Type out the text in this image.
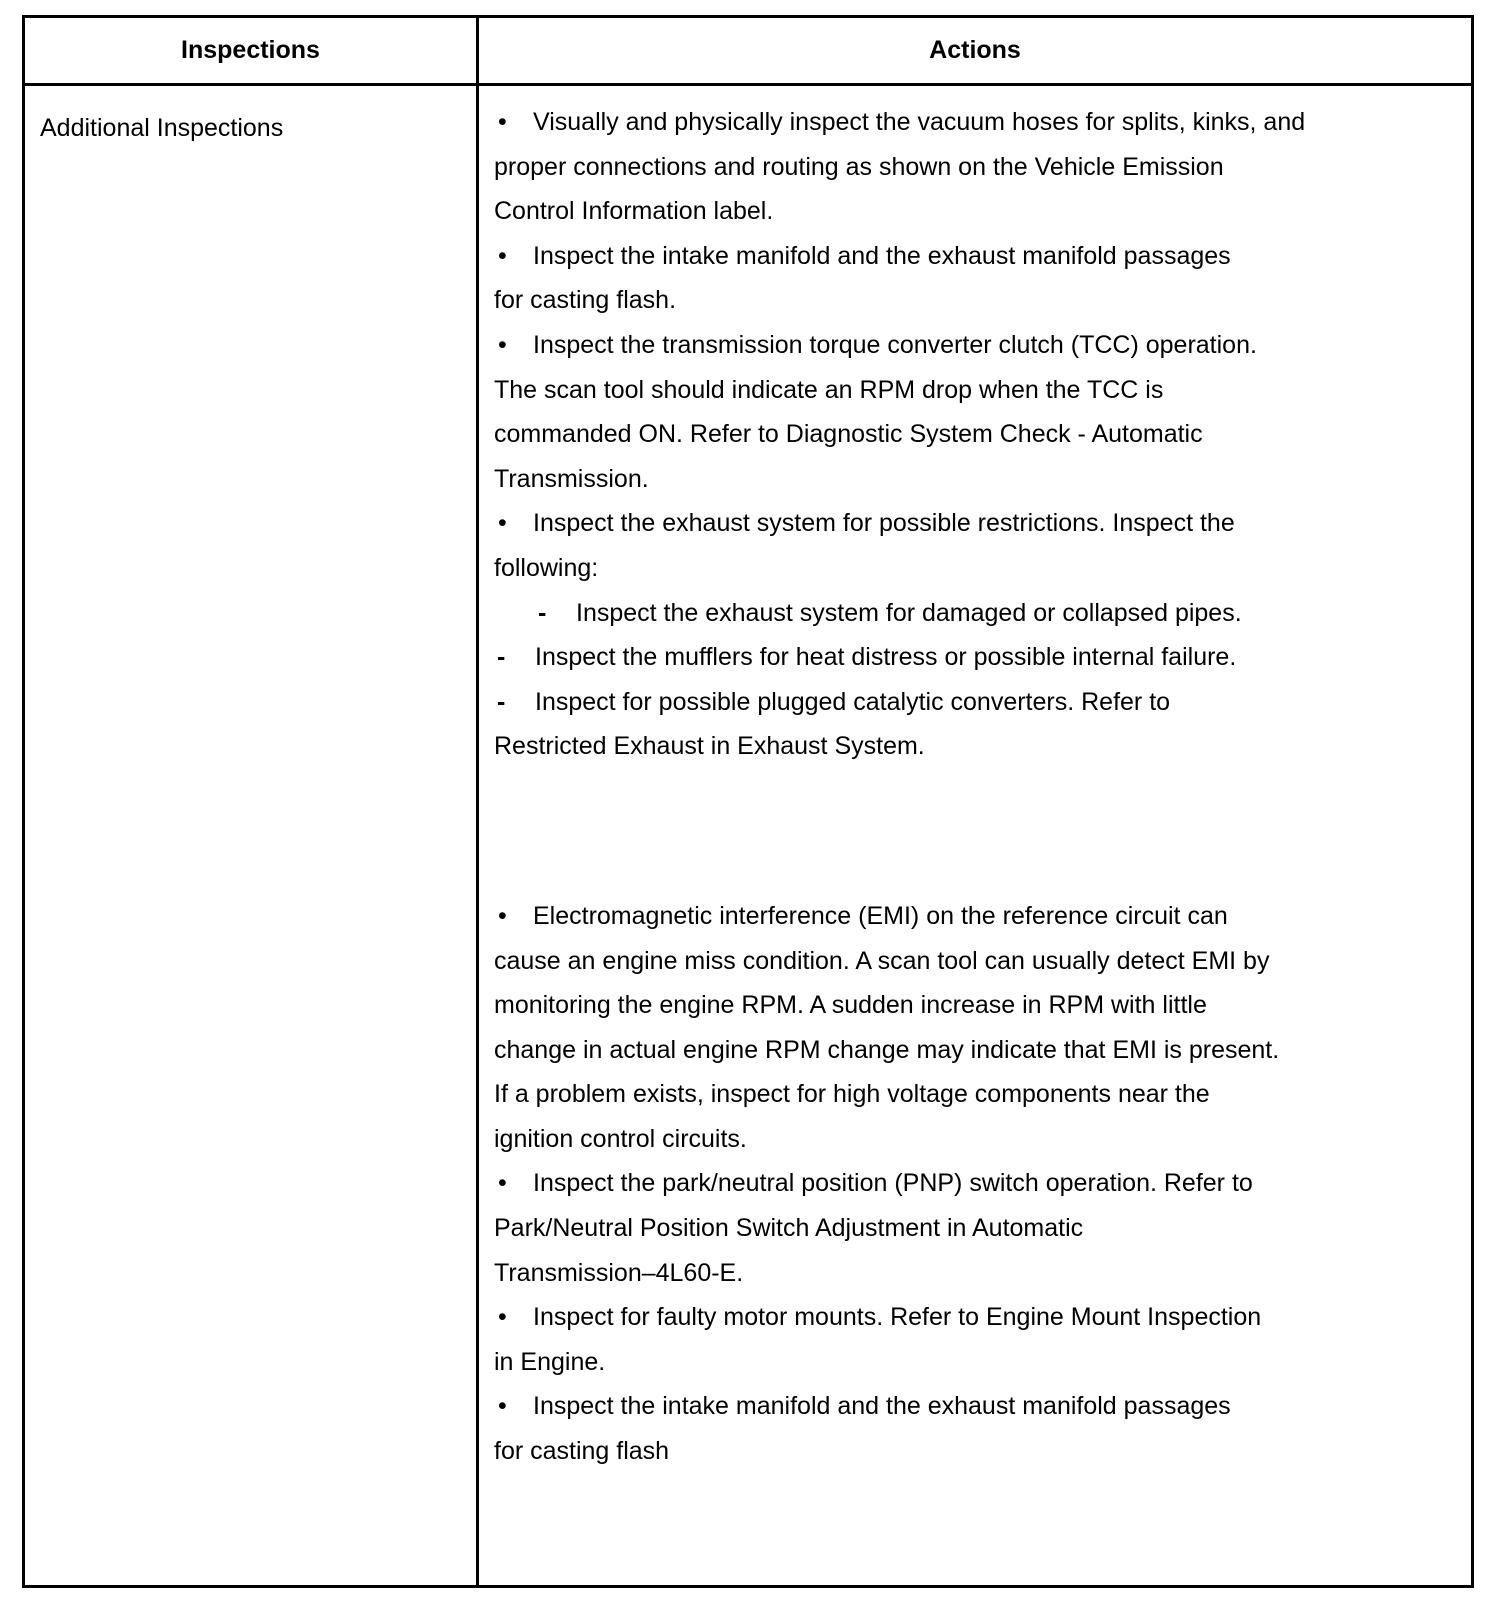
Inspections	Actions
Additional Inspections	• Visually and physically inspect the vacuum hoses for splits, kinks, and
proper connections and routing as shown on the Vehicle Emission
Control Information label.
• Inspect the intake manifold and the exhaust manifold passages
for casting flash.
• Inspect the transmission torque converter clutch (TCC) operation.
The scan tool should indicate an RPM drop when the TCC is
commanded ON. Refer to Diagnostic System Check - Automatic
Transmission.
• Inspect the exhaust system for possible restrictions. Inspect the
following:
- Inspect the exhaust system for damaged or collapsed pipes.
- Inspect the mufflers for heat distress or possible internal failure.
- Inspect for possible plugged catalytic converters. Refer to
Restricted Exhaust in Exhaust System.
• Electromagnetic interference (EMI) on the reference circuit can
cause an engine miss condition. A scan tool can usually detect EMI by
monitoring the engine RPM. A sudden increase in RPM with little
change in actual engine RPM change may indicate that EMI is present.
If a problem exists, inspect for high voltage components near the
ignition control circuits.
• Inspect the park/neutral position (PNP) switch operation. Refer to
Park/Neutral Position Switch Adjustment in Automatic
Transmission–4L60-E.
• Inspect for faulty motor mounts. Refer to Engine Mount Inspection
in Engine.
• Inspect the intake manifold and the exhaust manifold passages
for casting flash
